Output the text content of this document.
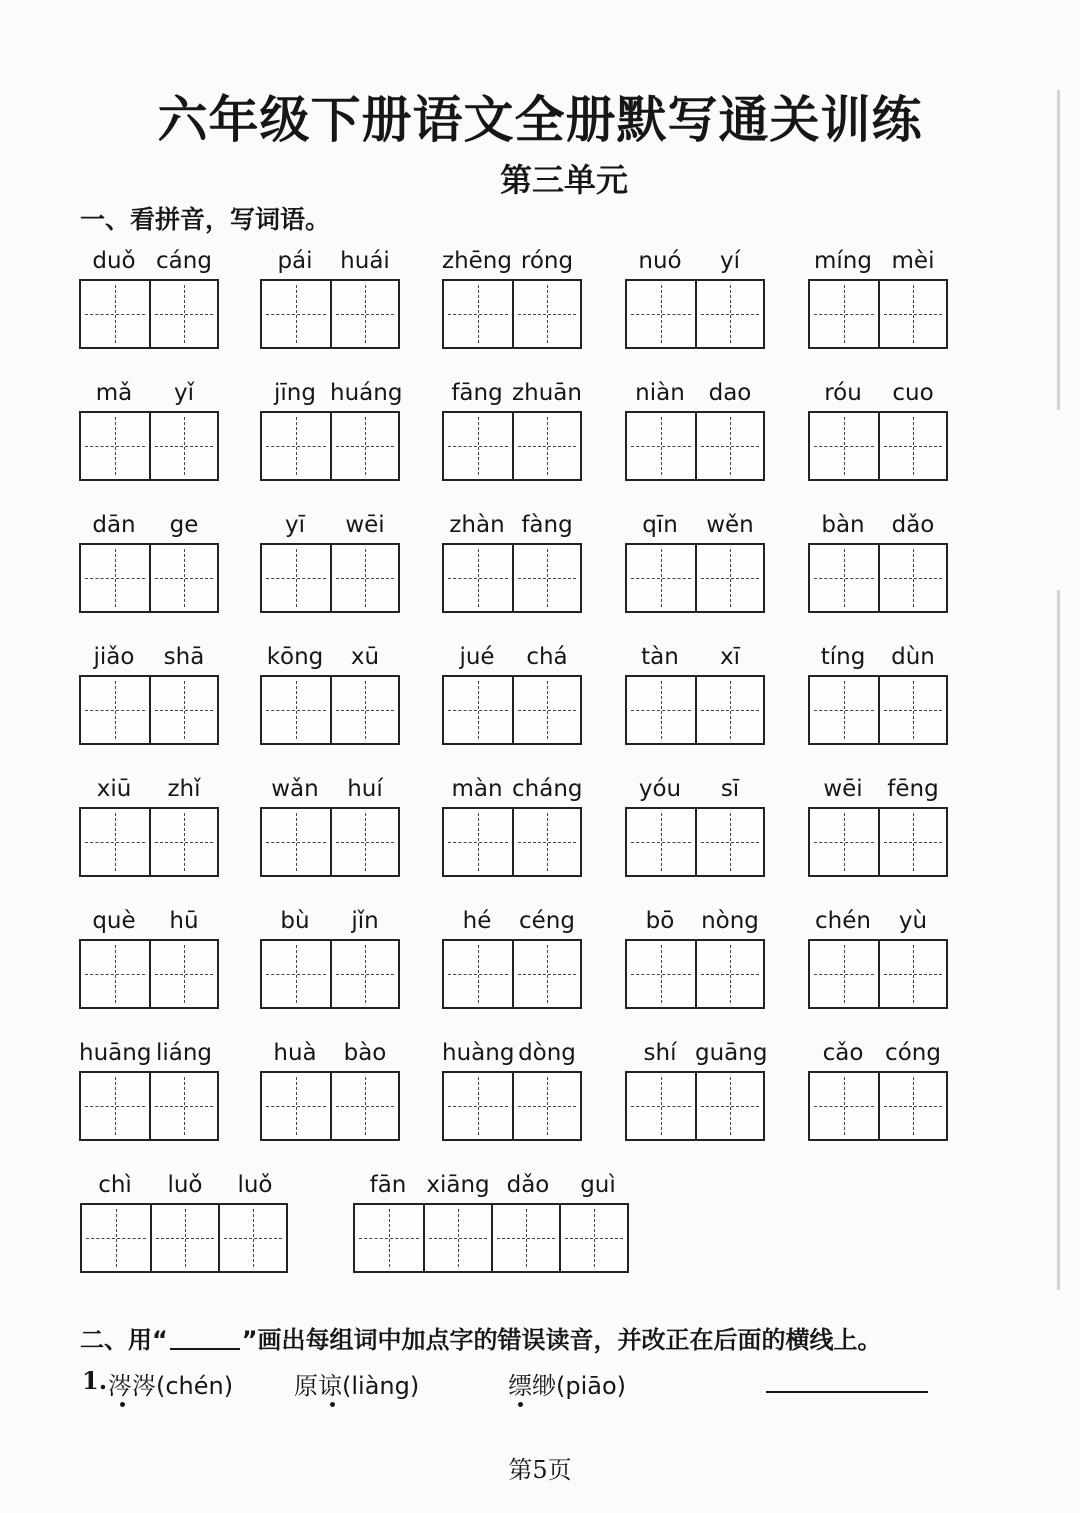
六年级下册语文全册默写通关训练
第三单元
一、看拼音，写词语。
duǒ cáng	pái	huái	zhēng róng	nuó	yí	míng mèi
mǎ	yǐ	jīng huáng	fāng zhuān	niàn	dao	róu	cuo
dān	ge	yī	wēi	zhàn fàng	qīn	wěn	bàn	dǎo
jiǎo	shā	kōng	xū	jué	chá	tàn	xī	tíng	dùn
xiū	zhǐ	wǎn	huí	màn cháng	yóu	sī	wēi	fēng
què	hū	bù	jǐn	hé	céng	bō	nòng	chén	yù
huāng liáng	huà	bào	huàng dòng	shí guāng	cǎo cóng
chì	luǒ	luǒ	fān xiāng dǎo	guì
二、用“	”画出每组词中加点字的错误读音，并改正在后面的横线上。
1. 涔涔(chén)	原谅(liàng)	缥缈(piāo)
第5页
